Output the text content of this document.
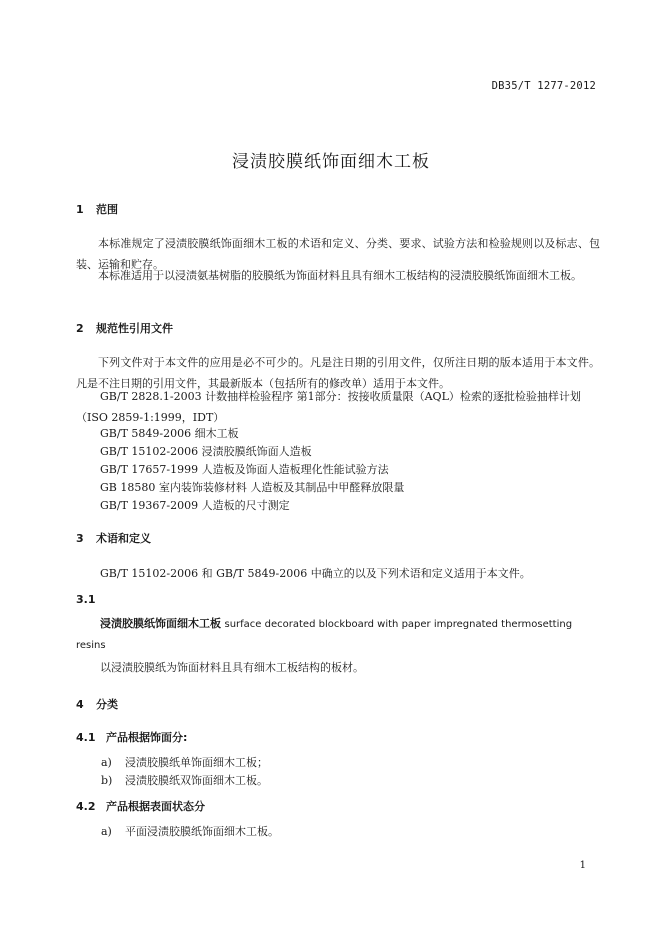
DB35/T 1277-2012
浸渍胶膜纸饰面细木工板
1 范围
本标准规定了浸渍胶膜纸饰面细木工板的术语和定义、分类、要求、试验方法和检验规则以及标志、包装、运输和贮存。
本标准适用于以浸渍氨基树脂的胶膜纸为饰面材料且具有细木工板结构的浸渍胶膜纸饰面细木工板。
2 规范性引用文件
下列文件对于本文件的应用是必不可少的。凡是注日期的引用文件，仅所注日期的版本适用于本文件。凡是不注日期的引用文件，其最新版本（包括所有的修改单）适用于本文件。
GB/T 2828.1-2003 计数抽样检验程序 第1部分：按接收质量限（AQL）检索的逐批检验抽样计划（ISO 2859-1:1999，IDT）
GB/T 5849-2006 细木工板
GB/T 15102-2006 浸渍胶膜纸饰面人造板
GB/T 17657-1999 人造板及饰面人造板理化性能试验方法
GB 18580 室内装饰装修材料 人造板及其制品中甲醛释放限量
GB/T 19367-2009 人造板的尺寸测定
3 术语和定义
GB/T 15102-2006 和 GB/T 5849-2006 中确立的以及下列术语和定义适用于本文件。
3.1
浸渍胶膜纸饰面细木工板 surface decorated blockboard with paper impregnated thermosetting resins
以浸渍胶膜纸为饰面材料且具有细木工板结构的板材。
4 分类
4.1 产品根据饰面分:
a) 浸渍胶膜纸单饰面细木工板；
b) 浸渍胶膜纸双饰面细木工板。
4.2 产品根据表面状态分
a) 平面浸渍胶膜纸饰面细木工板。
1
